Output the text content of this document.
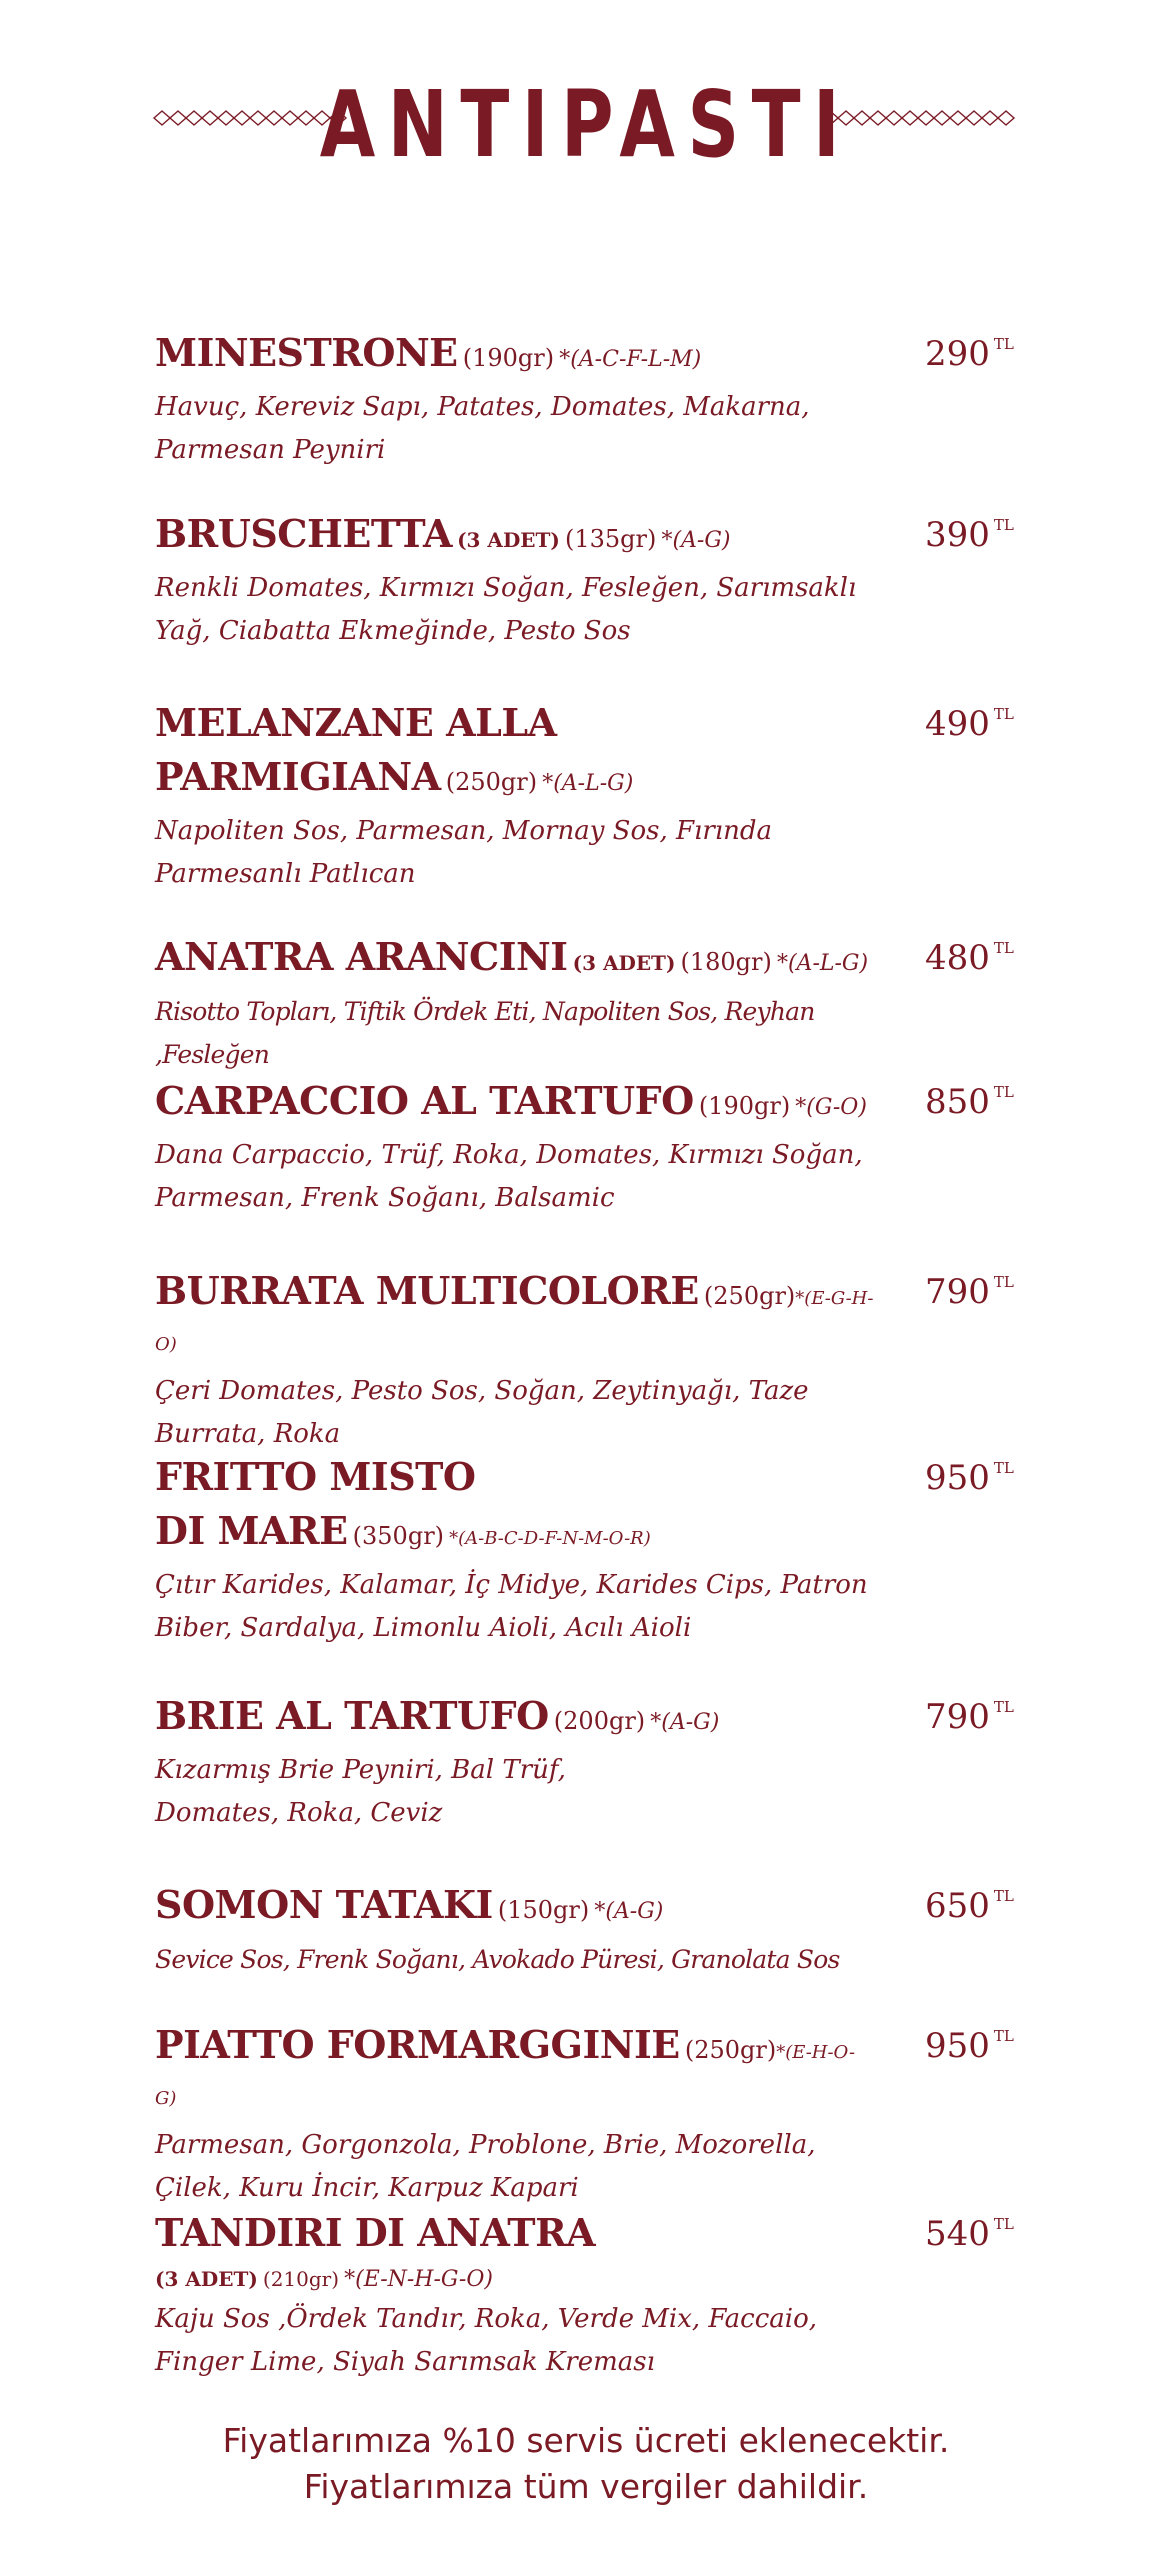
ANTIPASTI
MINESTRONE (190gr) *(A-C-F-L-M)
Havuç, Kereviz Sapı, Patates, Domates, Makarna, Parmesan Peyniri
290 $^{TL}$
BRUSCHETTA (3 ADET) (135gr) *(A-G)
Renkli Domates, Kırmızı Soğan, Fesleğen, Sarımsaklı Yağ, Ciabatta Ekmeğinde, Pesto Sos
390 $^{TL}$
MELANZANE ALLA
PARMIGIANA (250gr) *(A-L-G)
Napoliten Sos, Parmesan, Mornay Sos, Fırında Parmesanlı Patlıcan
490 $^{TL}$
ANATRA ARANCINI (3 ADET) (180gr) *(A-L-G)
Risotto Topları, Tiftik Ördek Eti, Napoliten Sos, Reyhan ,Fesleğen
480 $^{TL}$
CARPACCIO AL TARTUFO (190gr) *(G-O)
Dana Carpaccio, Trüf, Roka, Domates, Kırmızı Soğan, Parmesan, Frenk Soğanı, Balsamic
850 $^{TL}$
BURRATA MULTICOLORE (250gr)*(E-G-H-O)
Çeri Domates, Pesto Sos, Soğan, Zeytinyağı, Taze Burrata, Roka
790 $^{TL}$
FRITTO MISTO
DI MARE (350gr) *(A-B-C-D-F-N-M-O-R)
Çıtır Karides, Kalamar, İç Midye, Karides Cips, Patron Biber, Sardalya, Limonlu Aioli, Acılı Aioli
950 $^{TL}$
BRIE AL TARTUFO (200gr) *(A-G)
Kızarmış Brie Peyniri, Bal Trüf, Domates, Roka, Ceviz
790 $^{TL}$
SOMON TATAKI (150gr) *(A-G)
Sevice Sos, Frenk Soğanı, Avokado Püresi, Granolata Sos
650 $^{TL}$
PIATTO FORMARGGINIE (250gr)*(E-H-O-G)
Parmesan, Gorgonzola, Problone, Brie, Mozorella, Çilek, Kuru İncir, Karpuz Kapari
950 $^{TL}$
TANDIRI DI ANATRA
(3 ADET) (210gr) *(E-N-H-G-O)
Kaju Sos ,Ördek Tandır, Roka, Verde Mix, Faccaio, Finger Lime, Siyah Sarımsak Kreması
540 $^{TL}$
Fiyatlarımıza %10 servis ücreti eklenecektir.
Fiyatlarımıza tüm vergiler dahildir.
